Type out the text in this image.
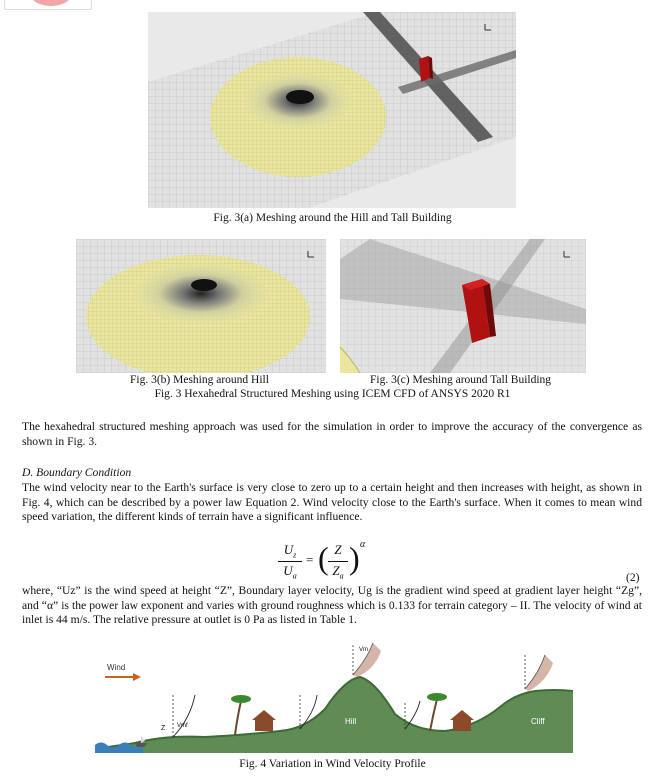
Fig. 3(a) Meshing around the Hill and Tall Building
Fig. 3(b) Meshing around Hill	Fig. 3(c) Meshing around Tall Building
Fig. 3 Hexahedral Structured Meshing using ICEM CFD of ANSYS 2020 R1
The hexahedral structured meshing approach was used for the simulation in order to improve the accuracy of the convergence as shown in Fig. 3.
D. Boundary Condition
The wind velocity near to the Earth's surface is very close to zero up to a certain height and then increases with height, as shown in Fig. 4, which can be described by a power law Equation 2. Wind velocity close to the Earth's surface. When it comes to mean wind speed variation, the different kinds of terrain have a significant influence.
$U_z$
$U_a$
= ( Z
$Z_a$
) α
(2)
where, “Uz” is the wind speed at height “Z”, Boundary layer velocity, Ug is the gradient wind speed at gradient layer height “Zg”, and “α” is the power law exponent and varies with ground roughness which is 0.133 for terrain category – II. The velocity of wind at inlet is 44 m/s. The relative pressure at outlet is 0 Pa as listed in Table 1.
Wind
Hill	Cliff
Vm
Vmf
Z
Fig. 4 Variation in Wind Velocity Profile
